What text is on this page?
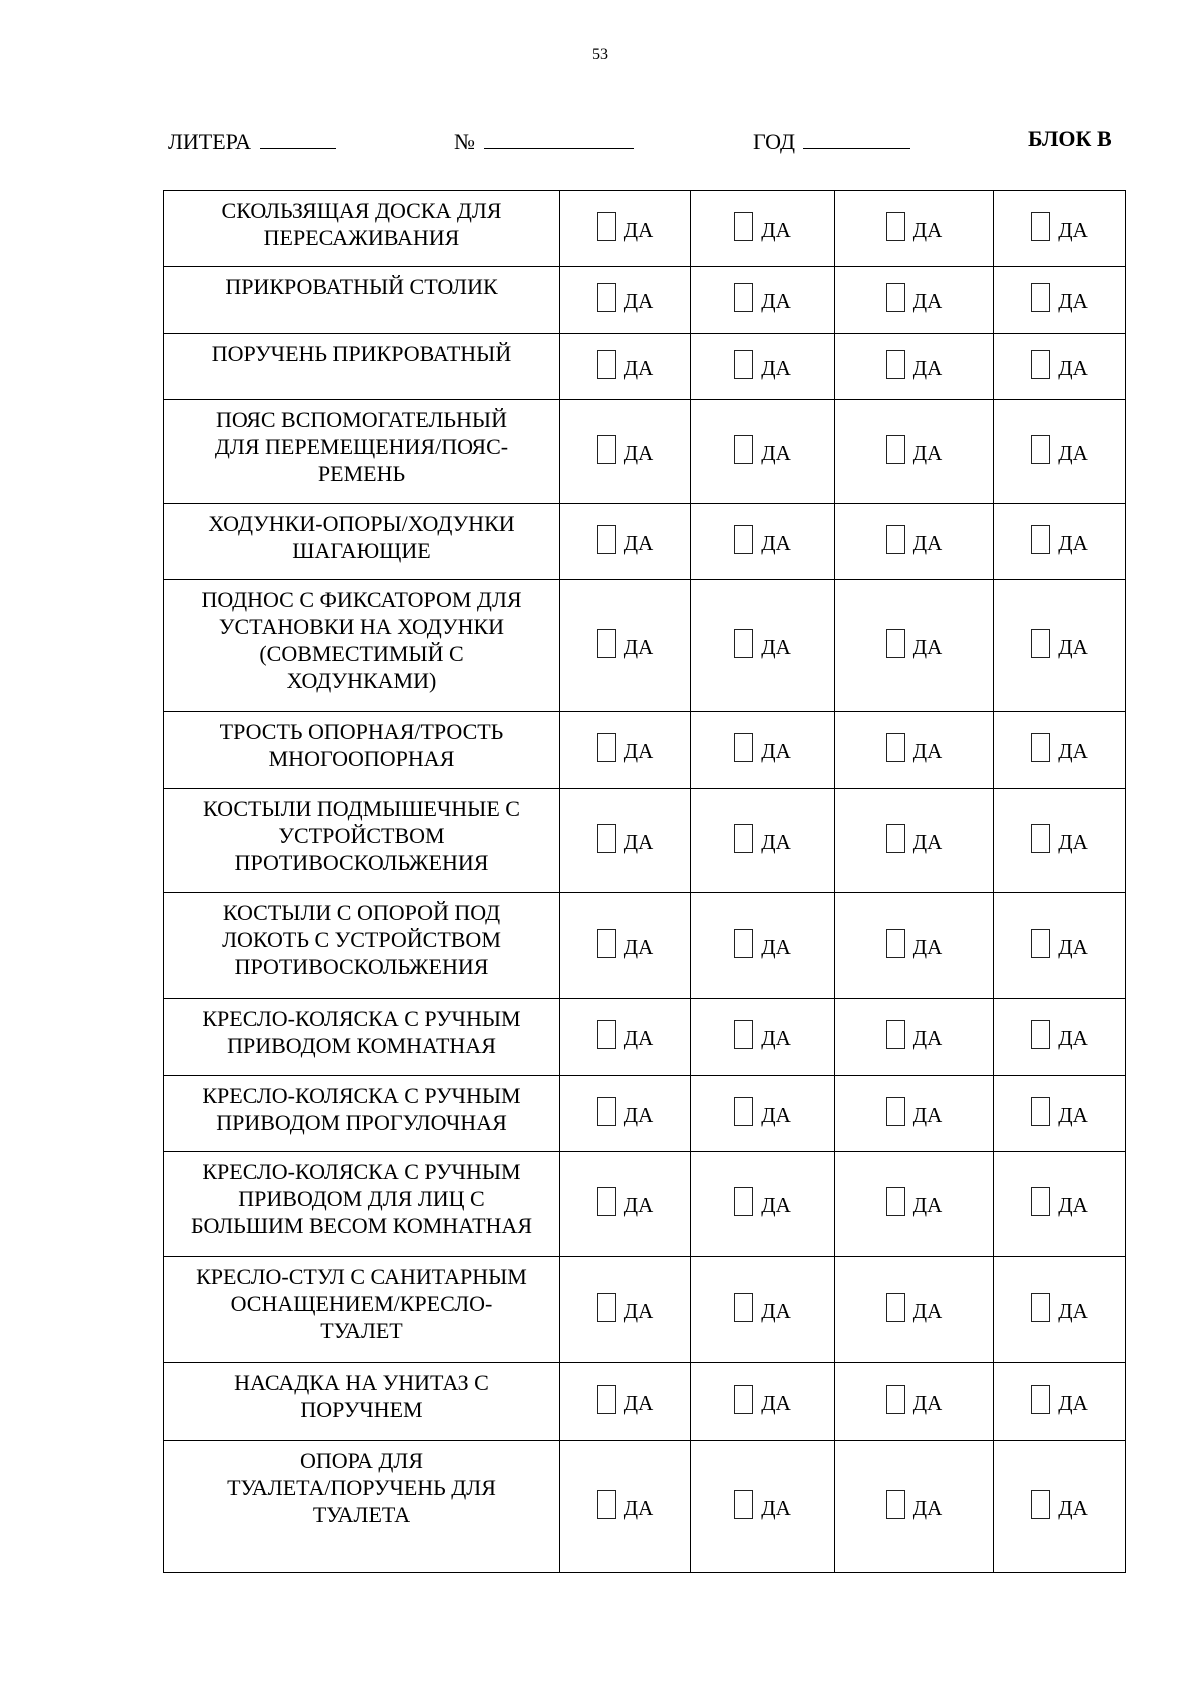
53
ЛИТЕРА	№	ГОД	БЛОК В
СКОЛЬЗЯЩАЯ ДОСКА ДЛЯ
ПЕРЕСАЖИВАНИЯ	ДА	ДА	ДА	ДА

ПРИКРОВАТНЫЙ СТОЛИК	ДА	ДА	ДА	ДА

ПОРУЧЕНЬ ПРИКРОВАТНЫЙ	ДА	ДА	ДА	ДА

ПОЯС ВСПОМОГАТЕЛЬНЫЙ
ДЛЯ ПЕРЕМЕЩЕНИЯ/ПОЯС-
РЕМЕНЬ	ДА	ДА	ДА	ДА

ХОДУНКИ-ОПОРЫ/ХОДУНКИ
ШАГАЮЩИЕ	ДА	ДА	ДА	ДА

ПОДНОС С ФИКСАТОРОМ ДЛЯ
УСТАНОВКИ НА ХОДУНКИ
(СОВМЕСТИМЫЙ С
ХОДУНКАМИ)	ДА	ДА	ДА	ДА

ТРОСТЬ ОПОРНАЯ/ТРОСТЬ
МНОГООПОРНАЯ	ДА	ДА	ДА	ДА

КОСТЫЛИ ПОДМЫШЕЧНЫЕ С
УСТРОЙСТВОМ
ПРОТИВОСКОЛЬЖЕНИЯ	ДА	ДА	ДА	ДА

КОСТЫЛИ С ОПОРОЙ ПОД
ЛОКОТЬ С УСТРОЙСТВОМ
ПРОТИВОСКОЛЬЖЕНИЯ	ДА	ДА	ДА	ДА

КРЕСЛО-КОЛЯСКА С РУЧНЫМ
ПРИВОДОМ КОМНАТНАЯ	ДА	ДА	ДА	ДА

КРЕСЛО-КОЛЯСКА С РУЧНЫМ
ПРИВОДОМ ПРОГУЛОЧНАЯ	ДА	ДА	ДА	ДА

КРЕСЛО-КОЛЯСКА С РУЧНЫМ
ПРИВОДОМ ДЛЯ ЛИЦ С
БОЛЬШИМ ВЕСОМ КОМНАТНАЯ	ДА	ДА	ДА	ДА

КРЕСЛО-СТУЛ С САНИТАРНЫМ
ОСНАЩЕНИЕМ/КРЕСЛО-
ТУАЛЕТ	ДА	ДА	ДА	ДА

НАСАДКА НА УНИТАЗ С
ПОРУЧНЕМ	ДА	ДА	ДА	ДА

ОПОРА ДЛЯ
ТУАЛЕТА/ПОРУЧЕНЬ ДЛЯ
ТУАЛЕТА	ДА	ДА	ДА	ДА
